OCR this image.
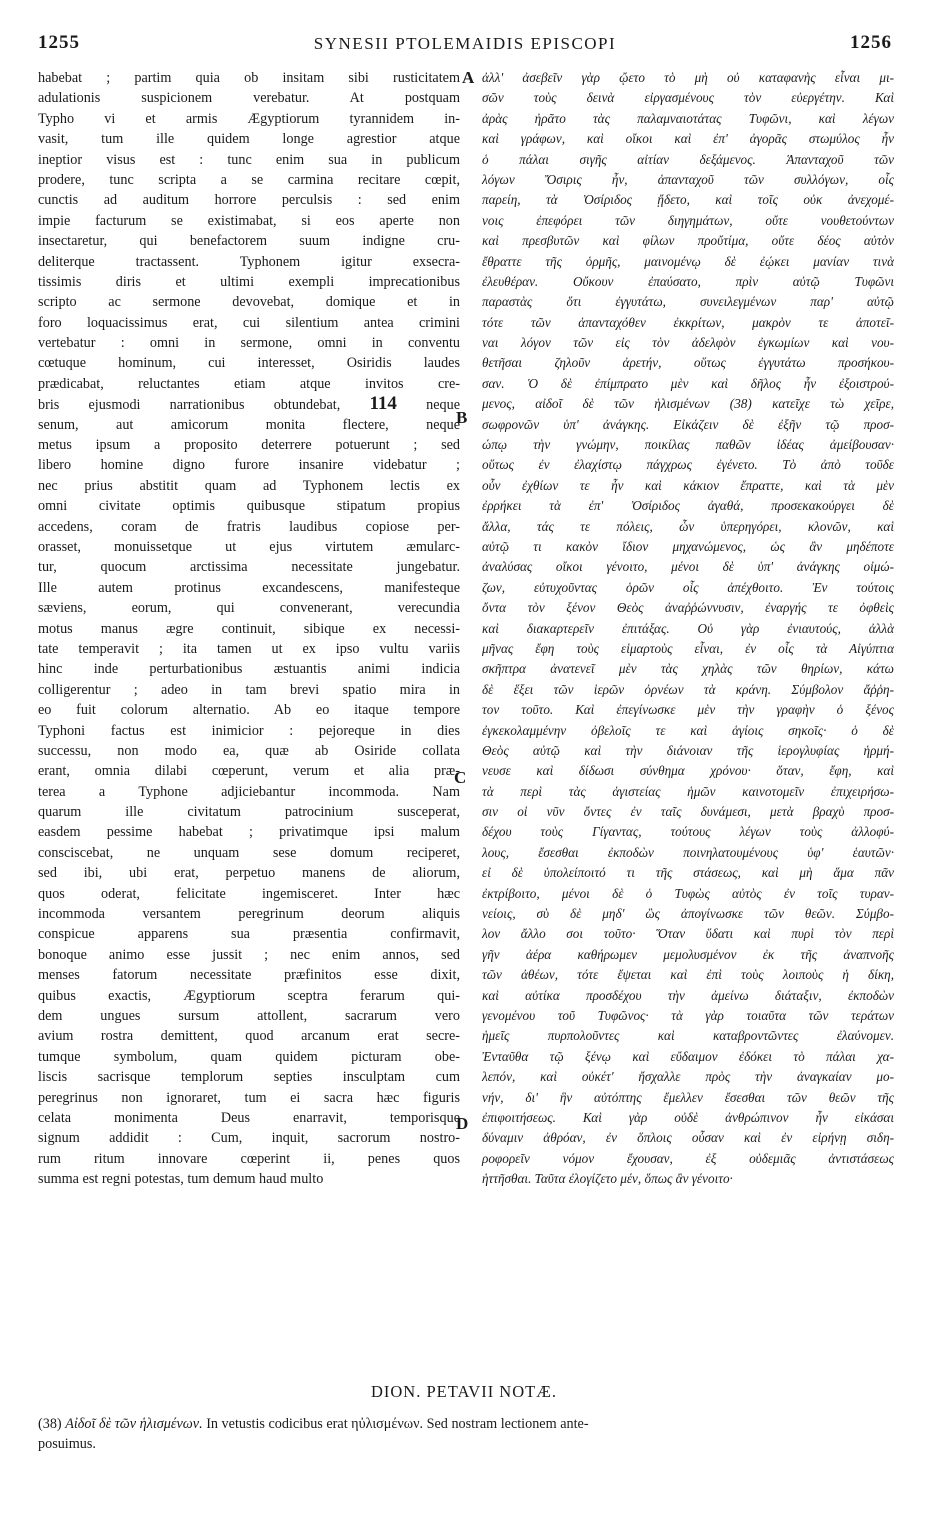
1255	SYNESII PTOLEMAIDIS EPISCOPI	1256
habebat ; partim quia ob insitam sibi rusticitatem
adulationis suspicionem verebatur. At postquam
Typho vi et armis Ægyptiorum tyrannidem in-
vasit, tum ille quidem longe agrestior atque
ineptior visus est : tunc enim sua in publicum
prodere, tunc scripta a se carmina recitare cœpit,
cunctis ad auditum horrore perculsis : sed enim
impie facturum se existimabat, si eos aperte non
insectaretur, qui benefactorem suum indigne cru-
deliterque tractassent. Typhonem igitur exsecra-
tissimis diris et ultimi exempli imprecationibus
scripto ac sermone devovebat, domique et in
foro loquacissimus erat, cui silentium antea crimini
vertebatur : omni in sermone, omni in conventu
cœtuque hominum, cui interesset, Osiridis laudes
prædicabat, reluctantes etiam atque invitos cre-
bris ejusmodi narrationibus obtundebat, 114 neque
senum, aut amicorum monita flectere, neque
metus ipsum a proposito deterrere potuerunt ; sed
libero homine digno furore insanire videbatur ;
nec prius abstitit quam ad Typhonem lectis ex
omni civitate optimis quibusque stipatum propius
accedens, coram de fratris laudibus copiose per-
orasset, monuissetque ut ejus virtutem æmularc-
tur, quocum arctissima necessitate jungebatur.
Ille autem protinus excandescens, manifesteque
sæviens, eorum, qui convenerant, verecundia
motus manus ægre continuit, sibique ex necessi-
tate temperavit ; ita tamen ut ex ipso vultu variis
hinc inde perturbationibus æstuantis animi indicia
colligerentur ; adeo in tam brevi spatio mira in
eo fuit colorum alternatio. Ab eo itaque tempore
Typhoni factus est inimicior : pejoreque in dies
successu, non modo ea, quæ ab Osiride collata
erant, omnia dilabi cœperunt, verum et alia præ-
terea a Typhone adjiciebantur incommoda. Nam
quarum ille civitatum patrocinium susceperat,
easdem pessime habebat ; privatimque ipsi malum
consciscebat, ne unquam sese domum reciperet,
sed ibi, ubi erat, perpetuo manens de aliorum,
quos oderat, felicitate ingemisceret. Inter hæc
incommoda versantem peregrinum deorum aliquis
conspicue apparens sua præsentia confirmavit,
bonoque animo esse jussit ; nec enim annos, sed
menses fatorum necessitate præfinitos esse dixit,
quibus exactis, Ægyptiorum sceptra ferarum qui-
dem ungues sursum attollent, sacrarum vero
avium rostra demittent, quod arcanum erat secre-
tumque symbolum, quam quidem picturam obe-
liscis sacrisque templorum septies insculptam cum
peregrinus non ignoraret, tum ei sacra hæc figuris
celata monimenta Deus enarravit, temporisque
signum addidit : Cum, inquit, sacrorum nostro-
rum ritum innovare cœperint ii, penes quos
summa est regni potestas, tum demum haud multo
ἀλλ' ἀσεβεῖν γὰρ ᾤετο τὸ μὴ οὐ καταφανὴς εἶναι μι-
σῶν τοὺς δεινὰ εἰργασμένους τὸν εὐεργέτην. Καὶ
ἀρὰς ἠρᾶτο τὰς παλαμναιοτάτας Τυφῶνι, καὶ λέγων
καὶ γράφων, καὶ οἴκοι καὶ ἐπ' ἀγορᾶς στωμύλος ἦν
ὁ πάλαι σιγῆς αἰτίαν δεξάμενος. Ἁπανταχοῦ τῶν
λόγων Ὄσιρις ἦν, ἁπανταχοῦ τῶν συλλόγων, οἷς
παρείη, τὰ Ὀσίριδος ᾔδετο, καὶ τοῖς οὐκ ἀνεχομέ-
νοις ἐπεφόρει τῶν διηγημάτων, οὔτε νουθετούντων
καὶ πρεσβυτῶν καὶ φίλων προὔτίμα, οὔτε δέος αὐτὸν
ἔθραττε τῆς ὁρμῆς, μαινομένῳ δὲ ἐῴκει μανίαν τινὰ
ἐλευθέραν. Οὔκουν ἐπαύσατο, πρὶν αὐτῷ Τυφῶνι
παραστὰς ὅτι ἐγγυτάτω, συνειλεγμένων παρ' αὐτῷ
τότε τῶν ἁπανταχόθεν ἐκκρίτων, μακρὸν τε ἀποτεῖ-
ναι λόγον τῶν εἰς τὸν ἀδελφὸν ἐγκωμίων καὶ νου-
θετῆσαι ζηλοῦν ἀρετήν, οὕτως ἐγγυτάτω προσήκου-
σαν. Ὁ δὲ ἐπίμπρατο μὲν καὶ δῆλος ἦν ἐξοιστρού-
μενος, αἰδοῖ δὲ τῶν ἡλισμένων (38) κατεῖχε τὼ χεῖρε,
σωφρονῶν ὑπ' ἀνάγκης. Εἰκάζειν δὲ ἐξῆν τῷ προσ-
ώπῳ τὴν γνώμην, ποικίλας παθῶν ἰδέας ἀμείβουσαν·
οὕτως ἐν ἐλαχίστῳ πάγχρως ἐγένετο. Τὸ ἀπὸ τοῦδε
οὖν ἐχθίων τε ἦν καὶ κάκιον ἔπραττε, καὶ τὰ μὲν
ἐρρήκει τὰ ἐπ' Ὀσίριδος ἀγαθά, προσεκακούργει δὲ
ἄλλα, τάς τε πόλεις, ὧν ὑπερηγόρει, κλονῶν, καὶ
αὐτῷ τι κακὸν ἴδιον μηχανώμενος, ὡς ἂν μηδέποτε
ἀναλύσας οἴκοι γένοιτο, μένοι δὲ ὑπ' ἀνάγκης οἰμώ-
ζων, εὐτυχοῦντας ὁρῶν οἷς ἀπέχθοιτο. Ἐν τούτοις
ὄντα τὸν ξένον Θεὸς ἀναῤῥώννυσιν, ἐναργής τε ὀφθεὶς
καὶ διακαρτερεῖν ἐπιτάξας. Οὐ γὰρ ἐνιαυτούς, ἀλλὰ
μῆνας ἔφη τοὺς εἱμαρτοὺς εἶναι, ἐν οἷς τὰ Αἰγύπτια
σκῆπτρα ἀνατενεῖ μὲν τὰς χηλὰς τῶν θηρίων, κάτω
δὲ ἕξει τῶν ἱερῶν ὀρνέων τὰ κράνη. Σύμβολον ἄῤῥη-
τον τοῦτο. Καὶ ἐπεγίνωσκε μὲν τὴν γραφὴν ὁ ξένος
ἐγκεκολαμμένην ὀβελοῖς τε καὶ ἁγίοις σηκοῖς· ὁ δὲ
Θεὸς αὐτῷ καὶ τὴν διάνοιαν τῆς ἱερογλυφίας ἡρμή-
νευσε καὶ δίδωσι σύνθημα χρόνου· ὅταν, ἔφη, καὶ
τὰ περὶ τὰς ἁγιστείας ἡμῶν καινοτομεῖν ἐπιχειρήσω-
σιν οἱ νῦν ὄντες ἐν ταῖς δυνάμεσι, μετὰ βραχὺ προσ-
δέχου τοὺς Γίγαντας, τούτους λέγων τοὺς ἀλλοφύ-
λους, ἔσεσθαι ἐκποδὼν ποινηλατουμένους ὑφ' ἑαυτῶν·
εἰ δὲ ὑπολείποιτό τι τῆς στάσεως, καὶ μὴ ἅμα πᾶν
ἐκτρίβοιτο, μένοι δὲ ὁ Τυφὼς αὐτὸς ἐν τοῖς τυραν-
νείοις, σὺ δὲ μηδ' ὣς ἀπογίνωσκε τῶν θεῶν. Σύμβο-
λον ἄλλο σοι τοῦτο· Ὅταν ὕδατι καὶ πυρὶ τὸν περὶ
γῆν ἀέρα καθήρωμεν μεμολυσμένον ἐκ τῆς ἀναπνοῆς
τῶν ἀθέων, τότε ἔψεται καὶ ἐπὶ τοὺς λοιποὺς ἡ δίκη,
καὶ αὐτίκα προσδέχου τὴν ἀμείνω διάταξιν, ἐκποδὼν
γενομένου τοῦ Τυφῶνος· τὰ γὰρ τοιαῦτα τῶν τεράτων
ἡμεῖς πυρπολοῦντες καὶ καταβροντῶντες ἐλαύνομεν.
Ἐνταῦθα τῷ ξένῳ καὶ εὔδαιμον ἐδόκει τὸ πάλαι χα-
λεπόν, καὶ οὐκέτ' ἤσχαλλε πρὸς τὴν ἀναγκαίαν μο-
νήν, δι' ἣν αὐτόπτης ἔμελλεν ἔσεσθαι τῶν θεῶν τῆς
ἐπιφοιτήσεως. Καὶ γὰρ οὐδὲ ἀνθρώπινον ἦν εἰκάσαι
δύναμιν ἀθρόαν, ἐν ὅπλοις οὖσαν καὶ ἐν εἰρήνῃ σιδη-
ροφορεῖν νόμον ἔχουσαν, ἐξ οὐδεμιᾶς ἀντιστάσεως
ἡττῆσθαι. Ταῦτα ἐλογίζετο μέν, ὅπως ἂν γένοιτο·
A
B
C
D
DION. PETAVII NOTÆ.
(38) Αἰδοῖ δὲ τῶν ἡλισμένων. In vetustis codicibus erat ηὐλισμένων. Sed nostram lectionem ante-
posuimus.
